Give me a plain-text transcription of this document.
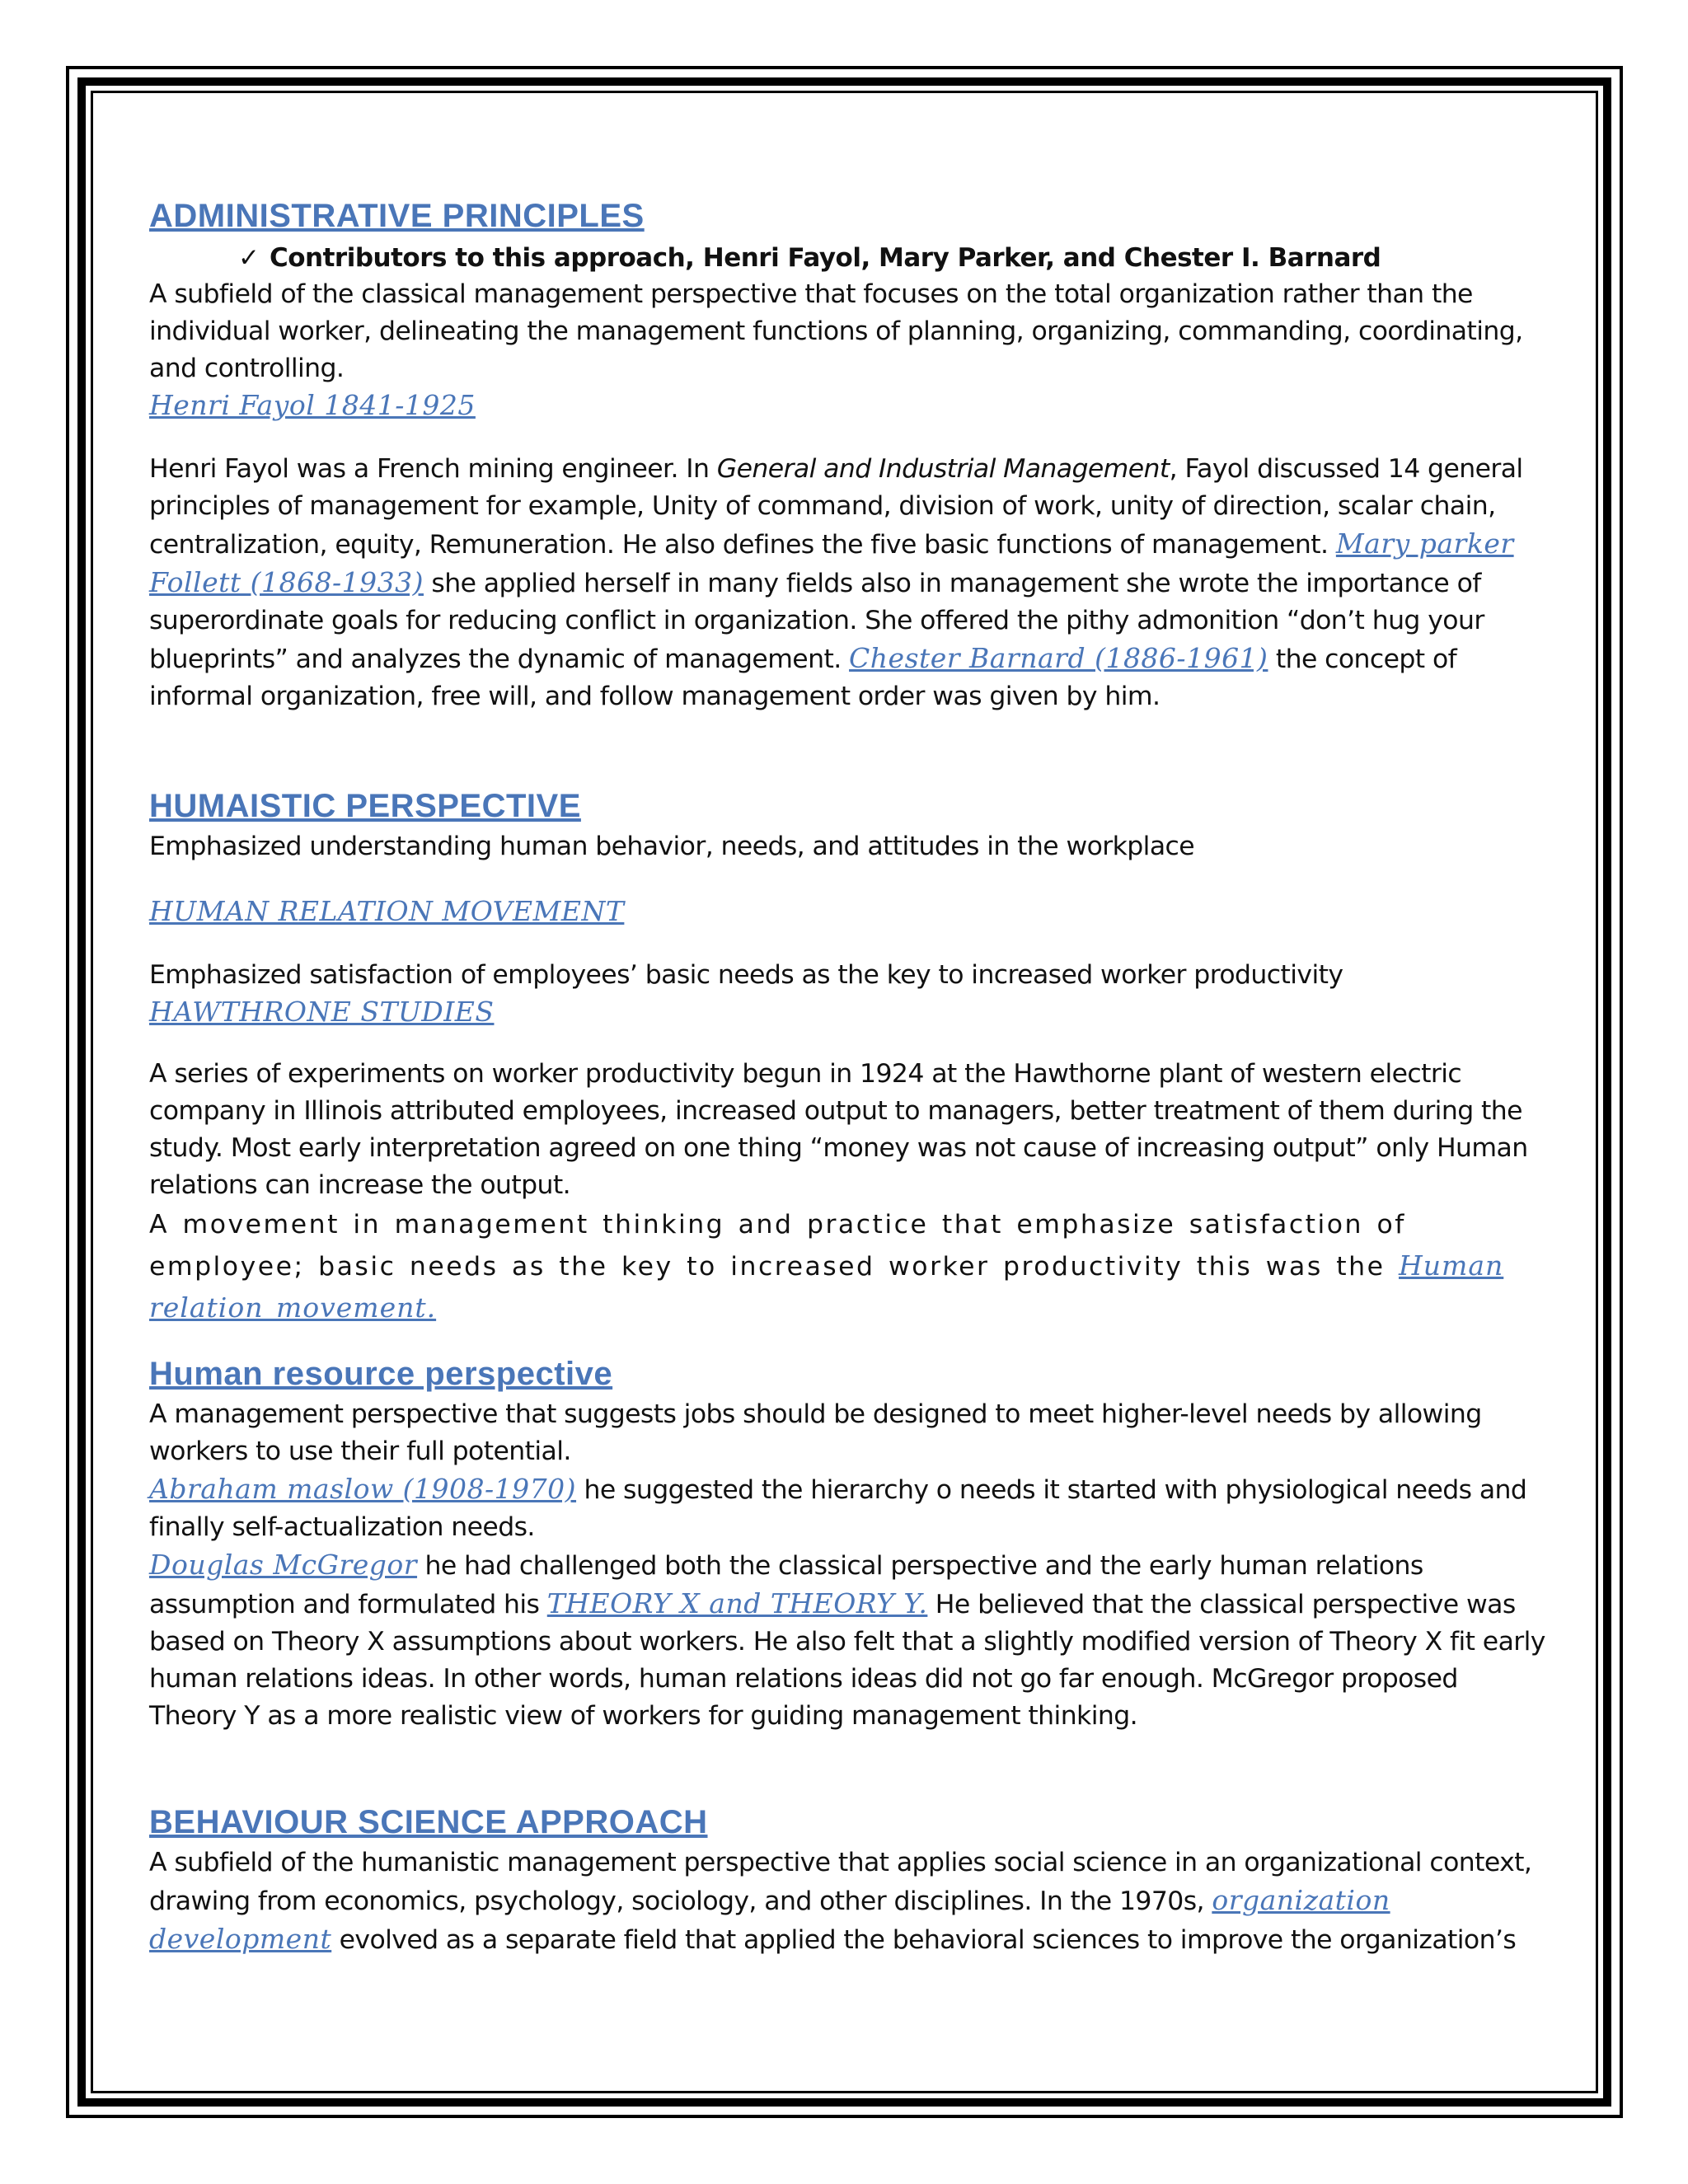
ADMINISTRATIVE PRINCIPLES

✓ Contributors to this approach, Henri Fayol, Mary Parker, and Chester I. Barnard

A subfield of the classical management perspective that focuses on the total organization rather than the individual worker, delineating the management functions of planning, organizing, commanding, coordinating, and controlling.

Henri Fayol 1841-1925

Henri Fayol was a French mining engineer. In General and Industrial Management, Fayol discussed 14 general principles of management for example, Unity of command, division of work, unity of direction, scalar chain, centralization, equity, Remuneration. He also defines the five basic functions of management. Mary parker Follett (1868-1933) she applied herself in many fields also in management she wrote the importance of superordinate goals for reducing conflict in organization. She offered the pithy admonition “don’t hug your blueprints” and analyzes the dynamic of management. Chester Barnard (1886-1961) the concept of informal organization, free will, and follow management order was given by him.

HUMAISTIC PERSPECTIVE

Emphasized understanding human behavior, needs, and attitudes in the workplace

HUMAN RELATION MOVEMENT

Emphasized satisfaction of employees’ basic needs as the key to increased worker productivity

HAWTHRONE STUDIES

A series of experiments on worker productivity begun in 1924 at the Hawthorne plant of western electric company in Illinois attributed employees, increased output to managers, better treatment of them during the study. Most early interpretation agreed on one thing “money was not cause of increasing output” only Human relations can increase the output.

A movement in management thinking and practice that emphasize satisfaction of employee; basic needs as the key to increased worker productivity this was the Human relation movement.

Human resource perspective

A management perspective that suggests jobs should be designed to meet higher-level needs by allowing workers to use their full potential.

Abraham maslow (1908-1970) he suggested the hierarchy o needs it started with physiological needs and finally self-actualization needs.

Douglas McGregor he had challenged both the classical perspective and the early human relations assumption and formulated his THEORY X and THEORY Y. He believed that the classical perspective was based on Theory X assumptions about workers. He also felt that a slightly modified version of Theory X fit early human relations ideas. In other words, human relations ideas did not go far enough. McGregor proposed Theory Y as a more realistic view of workers for guiding management thinking.

BEHAVIOUR SCIENCE APPROACH

A subfield of the humanistic management perspective that applies social science in an organizational context, drawing from economics, psychology, sociology, and other disciplines. In the 1970s, organization development evolved as a separate field that applied the behavioral sciences to improve the organization’s
